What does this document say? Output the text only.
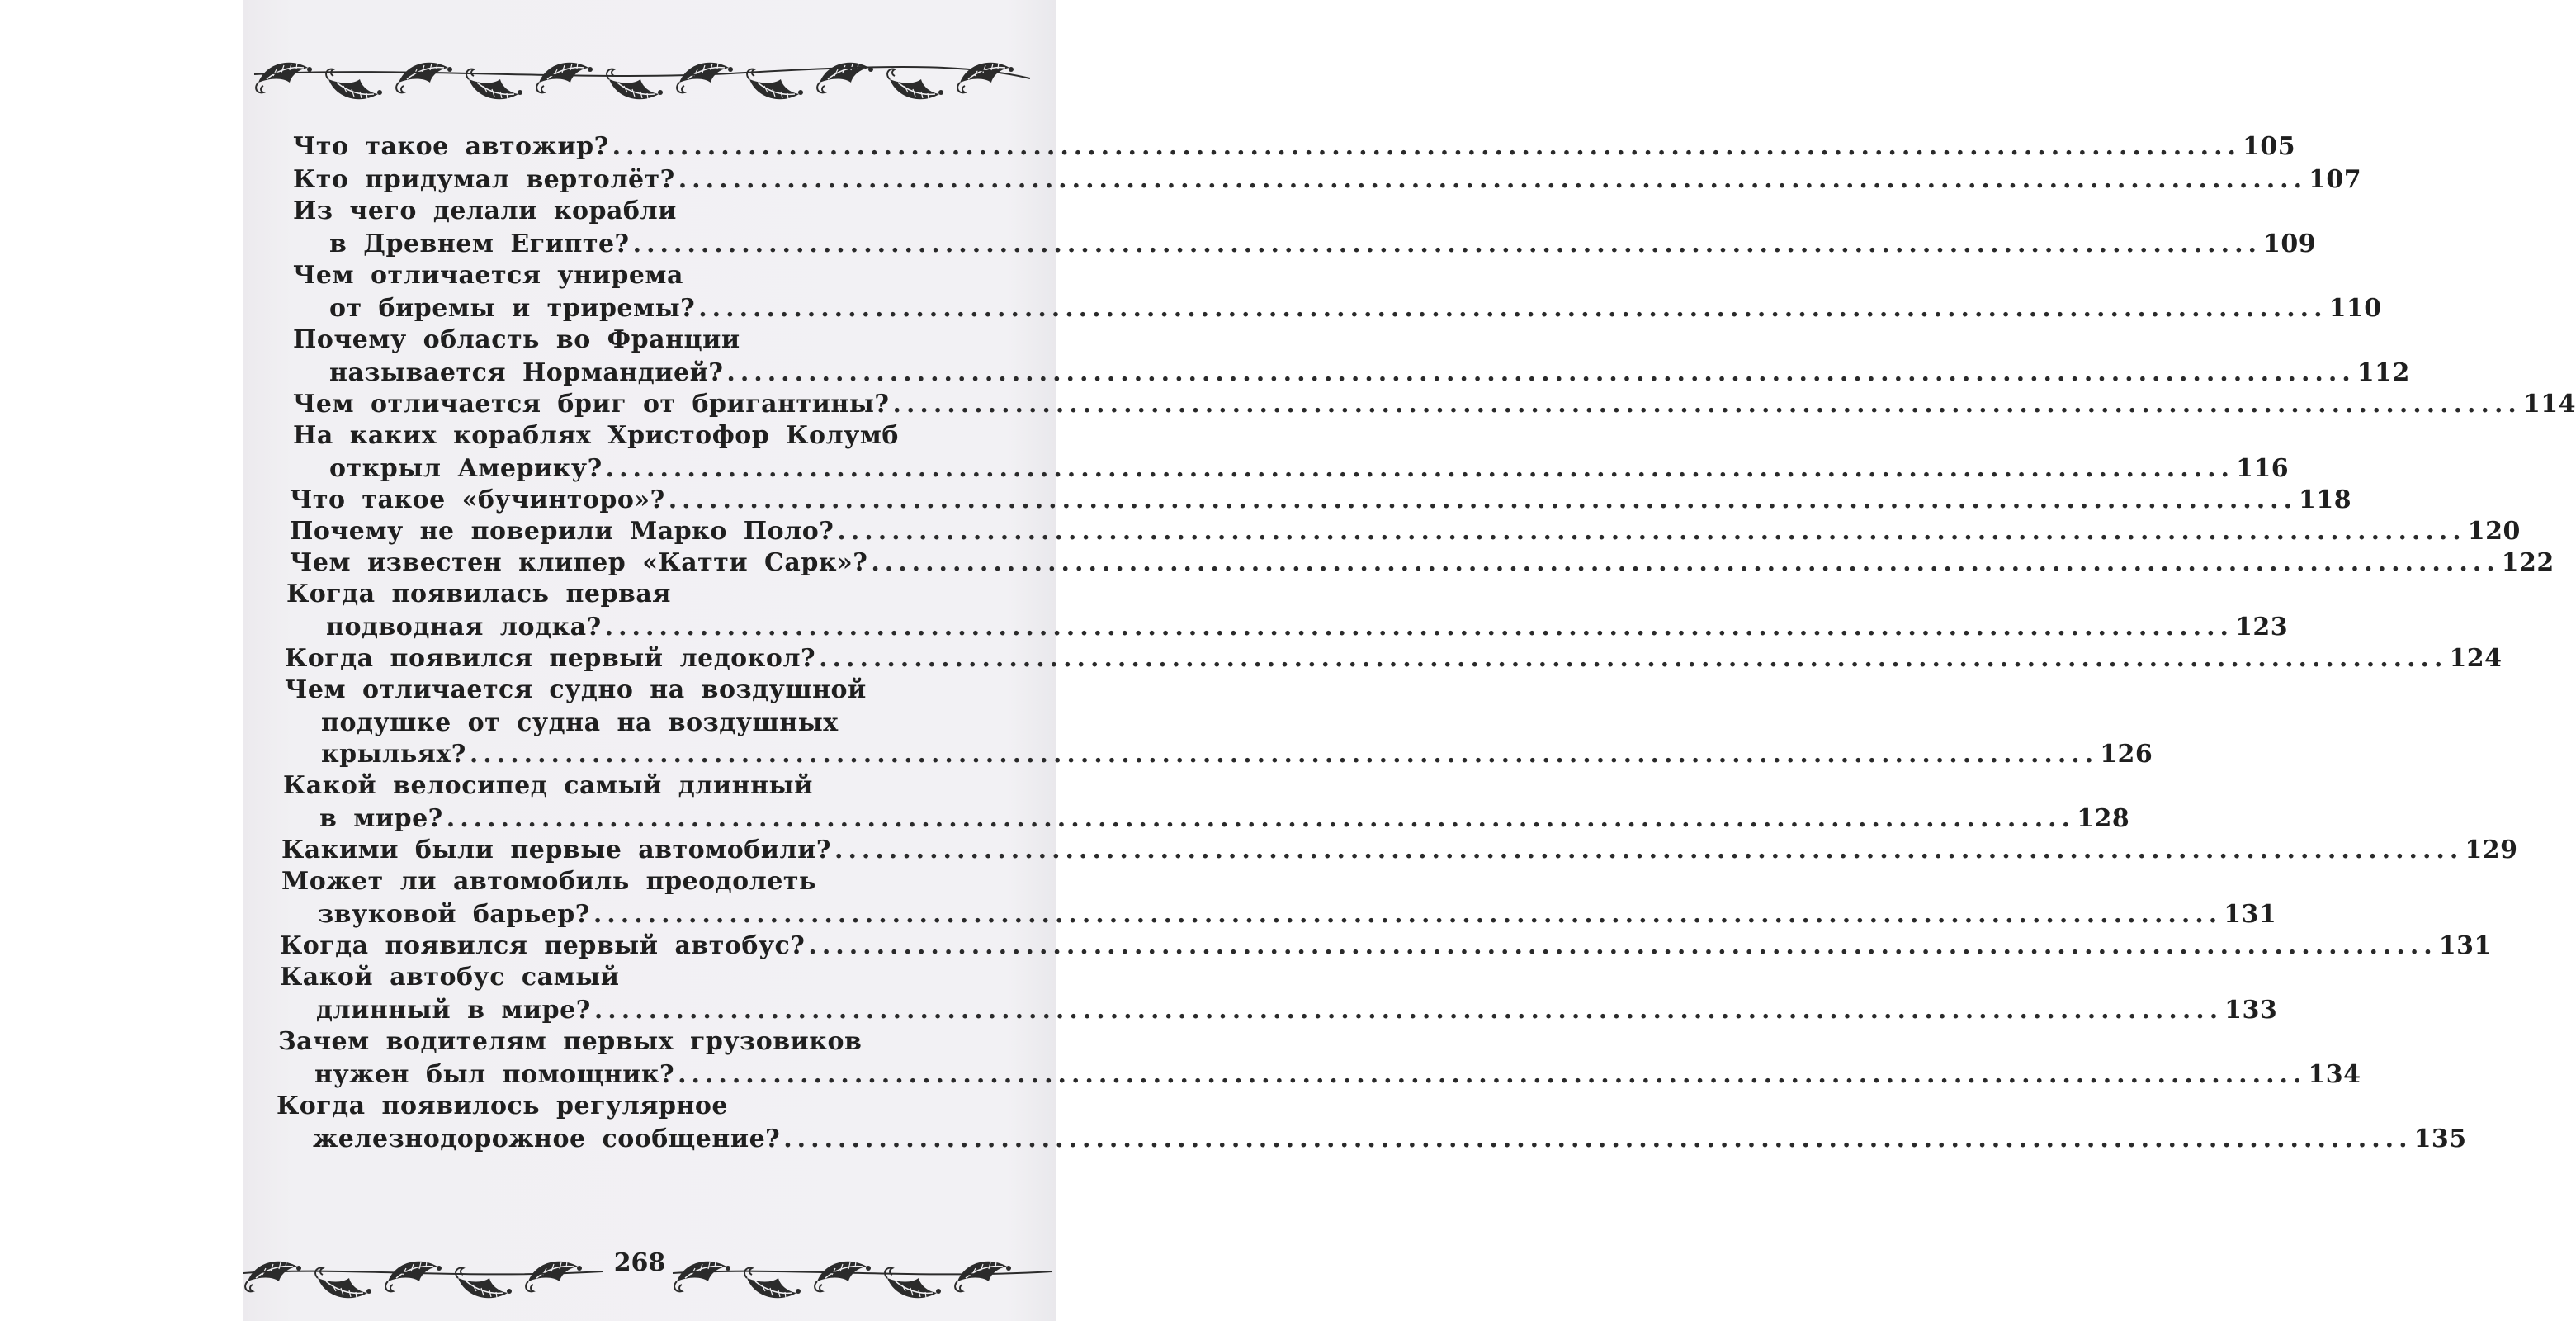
Что такое автожир? ........................................................................................................................ 105
Кто придумал вертолёт? ........................................................................................................................ 107
Из чего делали корабли
в Древнем Египте? ........................................................................................................................ 109
Чем отличается унирема
от биремы и триремы? ........................................................................................................................ 110
Почему область во Франции
называется Нормандией? ........................................................................................................................ 112
Чем отличается бриг от бригантины? ........................................................................................................................ 114
На каких кораблях Христофор Колумб
открыл Америку? ........................................................................................................................ 116
Что такое «бучинторо»? ........................................................................................................................ 118
Почему не поверили Марко Поло? ........................................................................................................................ 120
Чем известен клипер «Катти Сарк»? ........................................................................................................................ 122
Когда появилась первая
подводная лодка? ........................................................................................................................ 123
Когда появился первый ледокол? ........................................................................................................................ 124
Чем отличается судно на воздушной
подушке от судна на воздушных
крыльях? ........................................................................................................................ 126
Какой велосипед самый длинный
в мире? ........................................................................................................................ 128
Какими были первые автомобили? ........................................................................................................................ 129
Может ли автомобиль преодолеть
звуковой барьер? ........................................................................................................................ 131
Когда появился первый автобус? ........................................................................................................................ 131
Какой автобус самый
длинный в мире? ........................................................................................................................ 133
Зачем водителям первых грузовиков
нужен был помощник? ........................................................................................................................ 134
Когда появилось регулярное
железнодорожное сообщение? ........................................................................................................................ 135
268
